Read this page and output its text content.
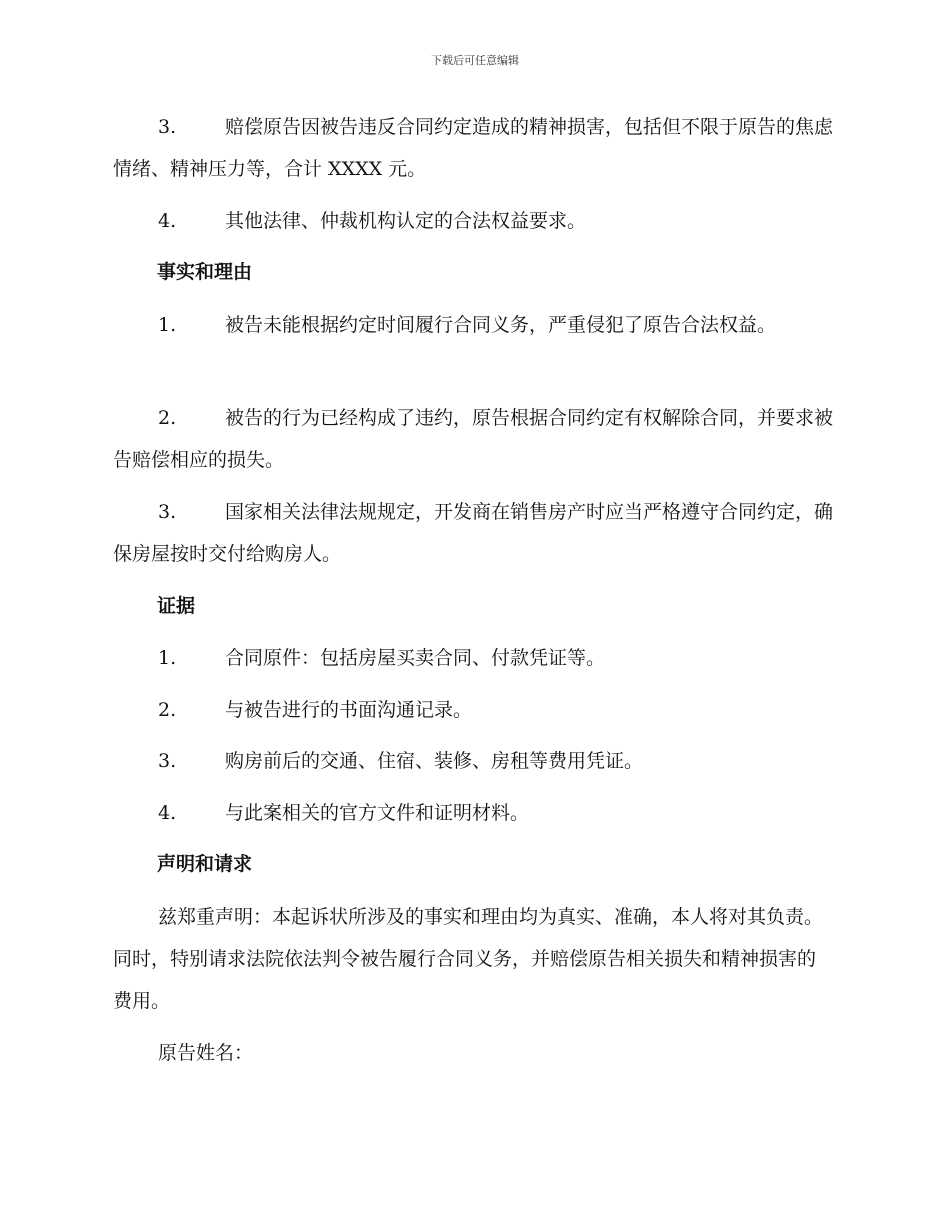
下载后可任意编辑
3.	赔偿原告因被告违反合同约定造成的精神损害，包括但不限于原告的焦虑情绪、精神压力等，合计 XXXX 元。
4.	其他法律、仲裁机构认定的合法权益要求。
事实和理由
1.	被告未能根据约定时间履行合同义务，严重侵犯了原告合法权益。
2.	被告的行为已经构成了违约，原告根据合同约定有权解除合同，并要求被告赔偿相应的损失。
3.	国家相关法律法规规定，开发商在销售房产时应当严格遵守合同约定，确保房屋按时交付给购房人。
证据
1.	合同原件：包括房屋买卖合同、付款凭证等。
2.	与被告进行的书面沟通记录。
3.	购房前后的交通、住宿、装修、房租等费用凭证。
4.	与此案相关的官方文件和证明材料。
声明和请求
兹郑重声明：本起诉状所涉及的事实和理由均为真实、准确，本人将对其负责。同时，特别请求法院依法判令被告履行合同义务，并赔偿原告相关损失和精神损害的费用。
原告姓名：
